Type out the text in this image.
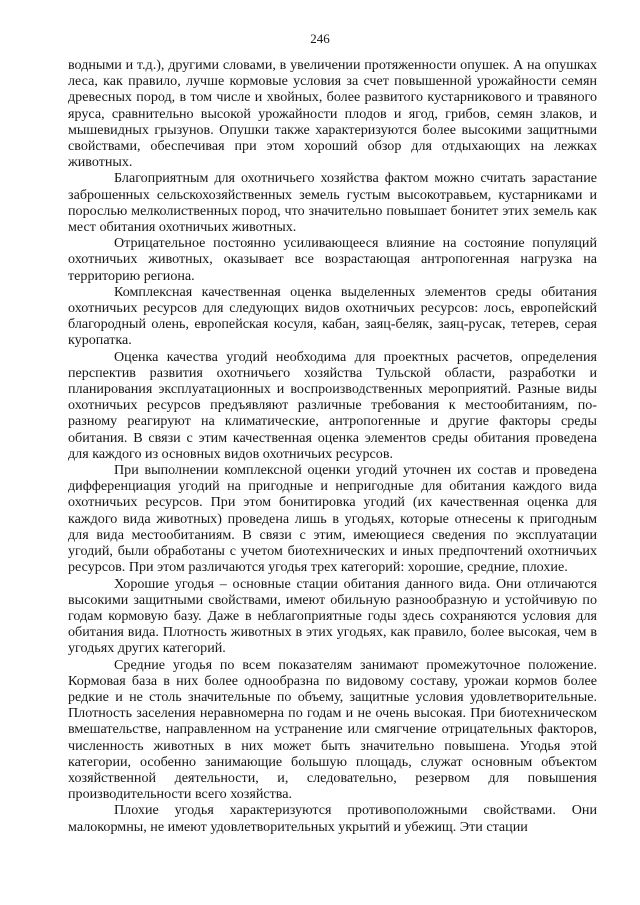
246

водными и т.д.), другими словами, в увеличении протяженности опушек. А на опушках леса, как правило, лучше кормовые условия за счет повышенной урожайности семян древесных пород, в том числе и хвойных, более развитого кустарникового и травяного яруса, сравнительно высокой урожайности плодов и ягод, грибов, семян злаков, и мышевидных грызунов. Опушки также характеризуются более высокими защитными свойствами, обеспечивая при этом хороший обзор для отдыхающих на лежках животных.

Благоприятным для охотничьего хозяйства фактом можно считать зарастание заброшенных сельскохозяйственных земель густым высокотравьем, кустарниками и порослью мелколиственных пород, что значительно повышает бонитет этих земель как мест обитания охотничьих животных.

Отрицательное постоянно усиливающееся влияние на состояние популяций охотничьих животных, оказывает все возрастающая антропогенная нагрузка на территорию региона.

Комплексная качественная оценка выделенных элементов среды обитания охотничьих ресурсов для следующих видов охотничьих ресурсов: лось, европейский благородный олень, европейская косуля, кабан, заяц-беляк, заяц-русак, тетерев, серая куропатка.

Оценка качества угодий необходима для проектных расчетов, определения перспектив развития охотничьего хозяйства Тульской области, разработки и планирования эксплуатационных и воспроизводственных мероприятий. Разные виды охотничьих ресурсов предъявляют различные требования к местообитаниям, по-разному реагируют на климатические, антропогенные и другие факторы среды обитания. В связи с этим качественная оценка элементов среды обитания проведена для каждого из основных видов охотничьих ресурсов.

При выполнении комплексной оценки угодий уточнен их состав и проведена дифференциация угодий на пригодные и непригодные для обитания каждого вида охотничьих ресурсов. При этом бонитировка угодий (их качественная оценка для каждого вида животных) проведена лишь в угодьях, которые отнесены к пригодным для вида местообитаниям. В связи с этим, имеющиеся сведения по эксплуатации угодий, были обработаны с учетом биотехнических и иных предпочтений охотничьих ресурсов. При этом различаются угодья трех категорий: хорошие, средние, плохие.

Хорошие угодья – основные стации обитания данного вида. Они отличаются высокими защитными свойствами, имеют обильную разнообразную и устойчивую по годам кормовую базу. Даже в неблагоприятные годы здесь сохраняются условия для обитания вида. Плотность животных в этих угодьях, как правило, более высокая, чем в угодьях других категорий.

Средние угодья по всем показателям занимают промежуточное положение. Кормовая база в них более однообразна по видовому составу, урожаи кормов более редкие и не столь значительные по объему, защитные условия удовлетворительные. Плотность заселения неравномерна по годам и не очень высокая. При биотехническом вмешательстве, направленном на устранение или смягчение отрицательных факторов, численность животных в них может быть значительно повышена. Угодья этой категории, особенно занимающие большую площадь, служат основным объектом хозяйственной деятельности, и, следовательно, резервом для повышения производительности всего хозяйства.

Плохие угодья характеризуются противоположными свойствами. Они малокормны, не имеют удовлетворительных укрытий и убежищ. Эти стации
